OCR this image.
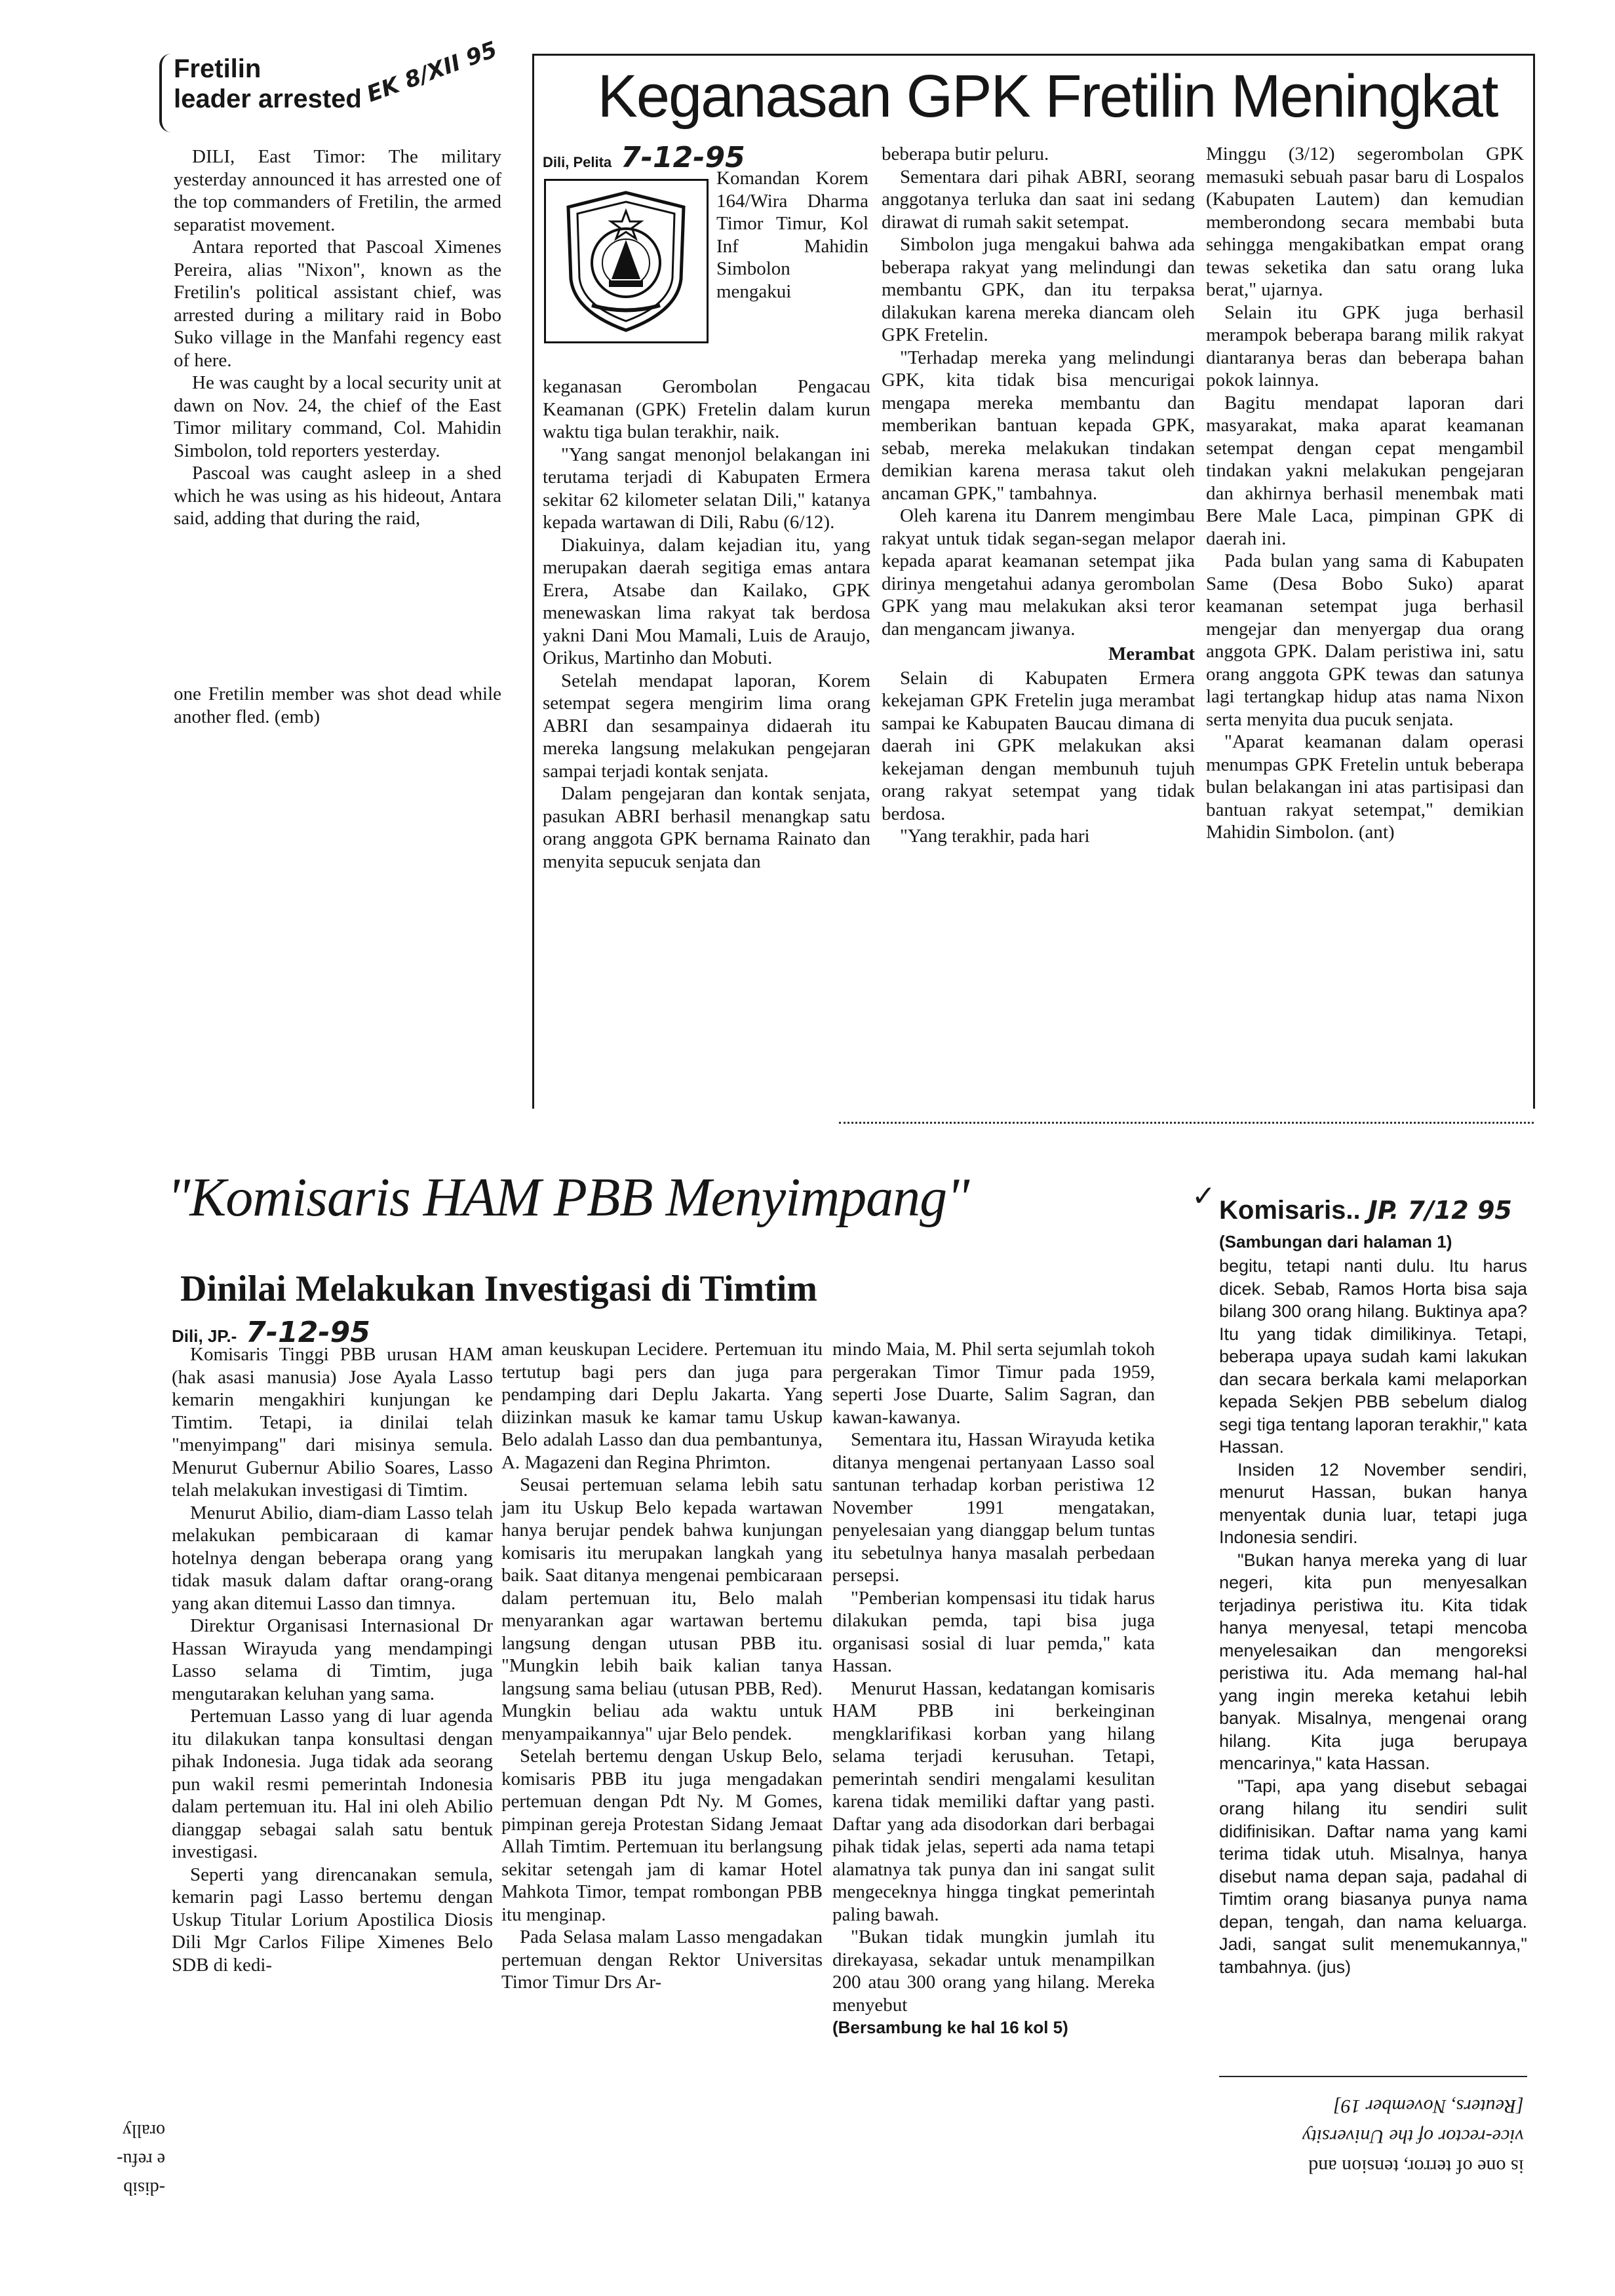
Fretilin
leader arrested EK 8/XII 95

DILI, East Timor: The military yesterday announced it has arrested one of the top commanders of Fretilin, the armed separatist movement.

Antara reported that Pascoal Ximenes Pereira, alias "Nixon", known as the Fretilin's political assistant chief, was arrested during a military raid in Bobo Suko village in the Manfahi regency east of here.

He was caught by a local security unit at dawn on Nov. 24, the chief of the East Timor military command, Col. Mahidin Simbolon, told reporters yesterday.

Pascoal was caught asleep in a shed which he was using as his hideout, Antara said, adding that during the raid,

one Fretilin member was shot dead while another fled. (emb)

Keganasan GPK Fretilin Meningkat
Dili, Pelita 7-12-95
Komandan Korem 164/Wira Dharma Timor Timur, Kol Inf Mahidin Simbolon mengakui

keganasan Gerombolan Pengacau Keamanan (GPK) Fretelin dalam kurun waktu tiga bulan terakhir, naik.

"Yang sangat menonjol belakangan ini terutama terjadi di Kabupaten Ermera sekitar 62 kilometer selatan Dili," katanya kepada wartawan di Dili, Rabu (6/12).

Diakuinya, dalam kejadian itu, yang merupakan daerah segitiga emas antara Erera, Atsabe dan Kailako, GPK menewaskan lima rakyat tak berdosa yakni Dani Mou Mamali, Luis de Araujo, Orikus, Martinho dan Mobuti.

Setelah mendapat laporan, Korem setempat segera mengirim lima orang ABRI dan sesampainya didaerah itu mereka langsung melakukan pengejaran sampai terjadi kontak senjata.

Dalam pengejaran dan kontak senjata, pasukan ABRI berhasil menangkap satu orang anggota GPK bernama Rainato dan menyita sepucuk senjata dan

beberapa butir peluru.

Sementara dari pihak ABRI, seorang anggotanya terluka dan saat ini sedang dirawat di rumah sakit setempat.

Simbolon juga mengakui bahwa ada beberapa rakyat yang melindungi dan membantu GPK, dan itu terpaksa dilakukan karena mereka diancam oleh GPK Fretelin.

"Terhadap mereka yang melindungi GPK, kita tidak bisa mencurigai mengapa mereka membantu dan memberikan bantuan kepada GPK, sebab, mereka melakukan tindakan demikian karena merasa takut oleh ancaman GPK," tambahnya.

Oleh karena itu Danrem mengimbau rakyat untuk tidak segan-segan melapor kepada aparat keamanan setempat jika dirinya mengetahui adanya gerombolan GPK yang mau melakukan aksi teror dan mengancam jiwanya.

Merambat

Selain di Kabupaten Ermera kekejaman GPK Fretelin juga merambat sampai ke Kabupaten Baucau dimana di daerah ini GPK melakukan aksi kekejaman dengan membunuh tujuh orang rakyat setempat yang tidak berdosa.

"Yang terakhir, pada hari

Minggu (3/12) segerombolan GPK memasuki sebuah pasar baru di Lospalos (Kabupaten Lautem) dan kemudian memberondong secara membabi buta sehingga mengakibatkan empat orang tewas seketika dan satu orang luka berat," ujarnya.

Selain itu GPK juga berhasil merampok beberapa barang milik rakyat diantaranya beras dan beberapa bahan pokok lainnya.

Bagitu mendapat laporan dari masyarakat, maka aparat keamanan setempat dengan cepat mengambil tindakan yakni melakukan pengejaran dan akhirnya berhasil menembak mati Bere Male Laca, pimpinan GPK di daerah ini.

Pada bulan yang sama di Kabupaten Same (Desa Bobo Suko) aparat keamanan setempat juga berhasil mengejar dan menyergap dua orang anggota GPK. Dalam peristiwa ini, satu orang anggota GPK tewas dan satunya lagi tertangkap hidup atas nama Nixon serta menyita dua pucuk senjata.

"Aparat keamanan dalam operasi menumpas GPK Fretelin untuk beberapa bulan belakangan ini atas partisipasi dan bantuan rakyat setempat," demikian Mahidin Simbolon. (ant)

"Komisaris HAM PBB Menyimpang"	✓
Dinilai Melakukan Investigasi di Timtim
Dili, JP.- 7-12-95

Komisaris Tinggi PBB urusan HAM (hak asasi manusia) Jose Ayala Lasso kemarin mengakhiri kunjungan ke Timtim. Tetapi, ia dinilai telah "menyimpang" dari misinya semula. Menurut Gubernur Abilio Soares, Lasso telah melakukan investigasi di Timtim.

Menurut Abilio, diam-diam Lasso telah melakukan pembicaraan di kamar hotelnya dengan beberapa orang yang tidak masuk dalam daftar orang-orang yang akan ditemui Lasso dan timnya.

Direktur Organisasi Internasional Dr Hassan Wirayuda yang mendampingi Lasso selama di Timtim, juga mengutarakan keluhan yang sama.

Pertemuan Lasso yang di luar agenda itu dilakukan tanpa konsultasi dengan pihak Indonesia. Juga tidak ada seorang pun wakil resmi pemerintah Indonesia dalam pertemuan itu. Hal ini oleh Abilio dianggap sebagai salah satu bentuk investigasi.

Seperti yang direncanakan semula, kemarin pagi Lasso bertemu dengan Uskup Titular Lorium Apostilica Diosis Dili Mgr Carlos Filipe Ximenes Belo SDB di kedi-

aman keuskupan Lecidere. Pertemuan itu tertutup bagi pers dan juga para pendamping dari Deplu Jakarta. Yang diizinkan masuk ke kamar tamu Uskup Belo adalah Lasso dan dua pembantunya, A. Magazeni dan Regina Phrimton.

Seusai pertemuan selama lebih satu jam itu Uskup Belo kepada wartawan hanya berujar pendek bahwa kunjungan komisaris itu merupakan langkah yang baik. Saat ditanya mengenai pembicaraan dalam pertemuan itu, Belo malah menyarankan agar wartawan bertemu langsung dengan utusan PBB itu. "Mungkin lebih baik kalian tanya langsung sama beliau (utusan PBB, Red). Mungkin beliau ada waktu untuk menyampaikannya" ujar Belo pendek.

Setelah bertemu dengan Uskup Belo, komisaris PBB itu juga mengadakan pertemuan dengan Pdt Ny. M Gomes, pimpinan gereja Protestan Sidang Jemaat Allah Timtim. Pertemuan itu berlangsung sekitar setengah jam di kamar Hotel Mahkota Timor, tempat rombongan PBB itu menginap.

Pada Selasa malam Lasso mengadakan pertemuan dengan Rektor Universitas Timor Timur Drs Ar-

mindo Maia, M. Phil serta sejumlah tokoh pergerakan Timor Timur pada 1959, seperti Jose Duarte, Salim Sagran, dan kawan-kawanya.

Sementara itu, Hassan Wirayuda ketika ditanya mengenai pertanyaan Lasso soal santunan terhadap korban peristiwa 12 November 1991 mengatakan, penyelesaian yang dianggap belum tuntas itu sebetulnya hanya masalah perbedaan persepsi.

"Pemberian kompensasi itu tidak harus dilakukan pemda, tapi bisa juga organisasi sosial di luar pemda," kata Hassan.

Menurut Hassan, kedatangan komisaris HAM PBB ini berkeinginan mengklarifikasi korban yang hilang selama terjadi kerusuhan. Tetapi, pemerintah sendiri mengalami kesulitan karena tidak memiliki daftar yang pasti. Daftar yang ada disodorkan dari berbagai pihak tidak jelas, seperti ada nama tetapi alamatnya tak punya dan ini sangat sulit mengeceknya hingga tingkat pemerintah paling bawah.

"Bukan tidak mungkin jumlah itu direkayasa, sekadar untuk menampilkan 200 atau 300 orang yang hilang. Mereka menyebut

(Bersambung ke hal 16 kol 5)

Komisaris.. JP. 7/12 95
(Sambungan dari halaman 1)

begitu, tetapi nanti dulu. Itu harus dicek. Sebab, Ramos Horta bisa saja bilang 300 orang hilang. Buktinya apa? Itu yang tidak dimilikinya. Tetapi, beberapa upaya sudah kami lakukan dan secara berkala kami melaporkan kepada Sekjen PBB sebelum dialog segi tiga tentang laporan terakhir," kata Hassan.

Insiden 12 November sendiri, menurut Hassan, bukan hanya menyentak dunia luar, tetapi juga Indonesia sendiri.

"Bukan hanya mereka yang di luar negeri, kita pun menyesalkan terjadinya peristiwa itu. Kita tidak hanya menyesal, tetapi mencoba menyelesaikan dan mengoreksi peristiwa itu. Ada memang hal-hal yang ingin mereka ketahui lebih banyak. Misalnya, mengenai orang hilang. Kita juga berupaya mencarinya," kata Hassan.

"Tapi, apa yang disebut sebagai orang hilang itu sendiri sulit didifinisikan. Daftar nama yang kami terima tidak utuh. Misalnya, hanya disebut nama depan saja, padahal di Timtim orang biasanya punya nama depan, tengah, dan nama keluarga. Jadi, sangat sulit menemukannya," tambahnya. (jus)

vice-rector of the University
[Reuters, November 19]
is one of terror, tension and
orally
e refu-
-disib
